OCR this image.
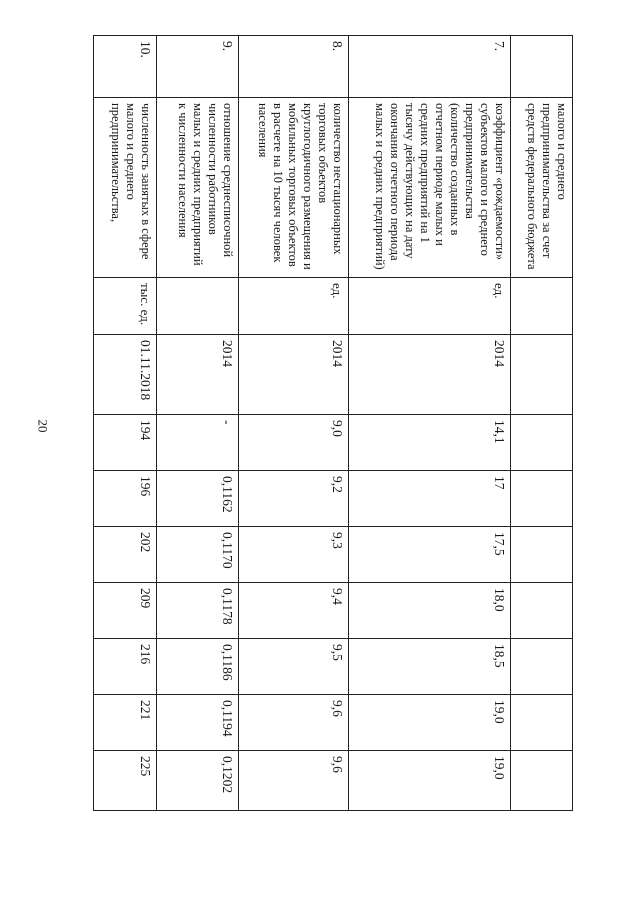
20
	малого и среднего предпринимательства за счет средств федерального бюджета									
7.	коэффициент «рождаемости» субъектов малого и среднего предпринимательства (количество созданных в отчетном периоде малых и средних предприятий на 1 тысячу действующих на дату окончания отчетного периода малых и средних предприятий)	ед.	2014	14,1	17	17,5	18,0	18,5	19,0	19,0
8.	количество нестационарных торговых объектов круглогодичного размещения и мобильных торговых объектов в расчете на 10 тысяч человек населения	ед.	2014	9,0	9,2	9,3	9,4	9,5	9,6	9,6
9.	отношение среднесписочной численности работников малых и средних предприятий к численности населения		2014	-	0,1162	0,1170	0,1178	0,1186	0,1194	0,1202
10.	численность занятых в сфере малого и среднего предпринимательства,	тыс. ед.	01.11.2018	194	196	202	209	216	221	225
